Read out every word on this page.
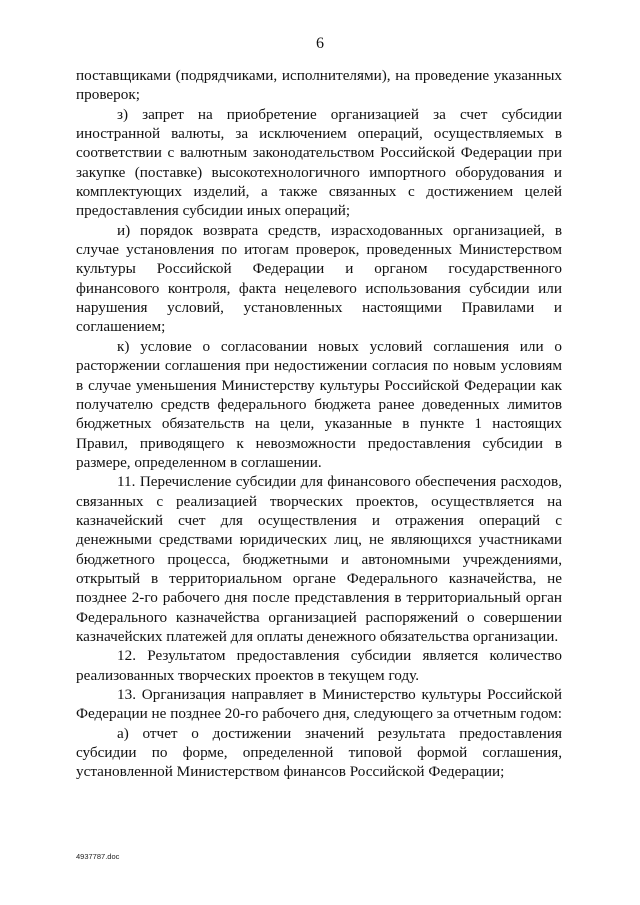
6

поставщиками (подрядчиками, исполнителями), на проведение указанных проверок;

з) запрет на приобретение организацией за счет субсидии иностранной валюты, за исключением операций, осуществляемых в соответствии с валютным законодательством Российской Федерации при закупке (поставке) высокотехнологичного импортного оборудования и комплектующих изделий, а также связанных с достижением целей предоставления субсидии иных операций;

и) порядок возврата средств, израсходованных организацией, в случае установления по итогам проверок, проведенных Министерством культуры Российской Федерации и органом государственного финансового контроля, факта нецелевого использования субсидии или нарушения условий, установленных настоящими Правилами и соглашением;

к) условие о согласовании новых условий соглашения или о расторжении соглашения при недостижении согласия по новым условиям в случае уменьшения Министерству культуры Российской Федерации как получателю средств федерального бюджета ранее доведенных лимитов бюджетных обязательств на цели, указанные в пункте 1 настоящих Правил, приводящего к невозможности предоставления субсидии в размере, определенном в соглашении.

11. Перечисление субсидии для финансового обеспечения расходов, связанных с реализацией творческих проектов, осуществляется на казначейский счет для осуществления и отражения операций с денежными средствами юридических лиц, не являющихся участниками бюджетного процесса, бюджетными и автономными учреждениями, открытый в территориальном органе Федерального казначейства, не позднее 2-го рабочего дня после представления в территориальный орган Федерального казначейства организацией распоряжений о совершении казначейских платежей для оплаты денежного обязательства организации.

12. Результатом предоставления субсидии является количество реализованных творческих проектов в текущем году.

13. Организация направляет в Министерство культуры Российской Федерации не позднее 20-го рабочего дня, следующего за отчетным годом:

а) отчет о достижении значений результата предоставления субсидии по форме, определенной типовой формой соглашения, установленной Министерством финансов Российской Федерации;

4937787.doc
